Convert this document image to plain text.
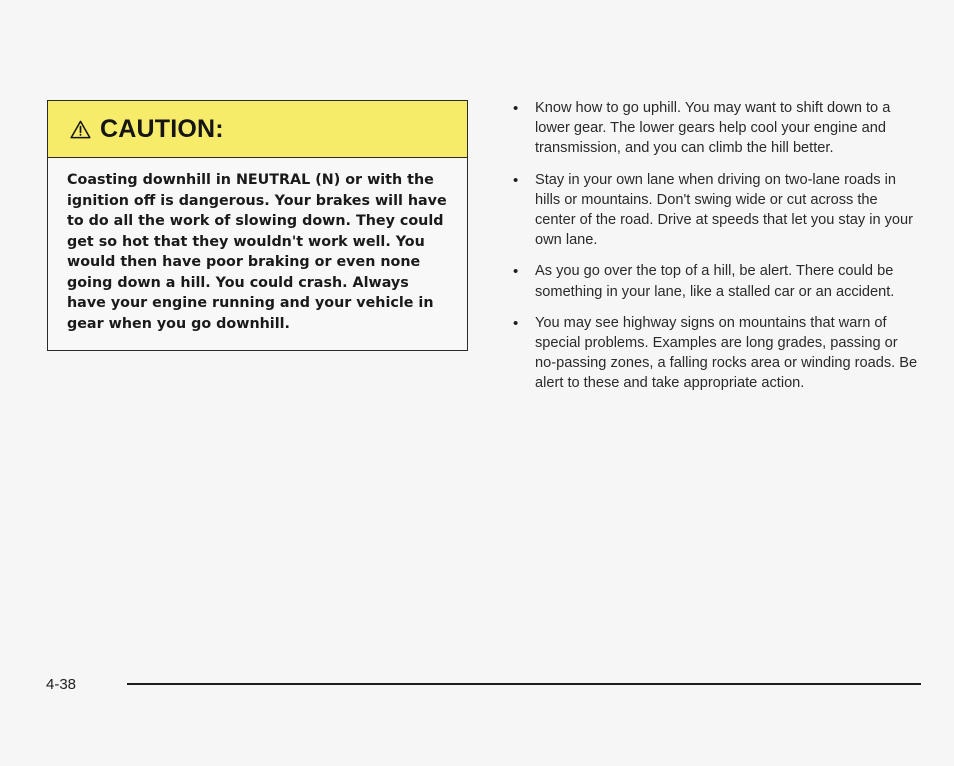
CAUTION:
Coasting downhill in NEUTRAL (N) or with the ignition off is dangerous. Your brakes will have to do all the work of slowing down. They could get so hot that they wouldn't work well. You would then have poor braking or even none going down a hill. You could crash. Always have your engine running and your vehicle in gear when you go downhill.
• Know how to go uphill. You may want to shift down to a lower gear. The lower gears help cool your engine and transmission, and you can climb the hill better.
• Stay in your own lane when driving on two-lane roads in hills or mountains. Don't swing wide or cut across the center of the road. Drive at speeds that let you stay in your own lane.
• As you go over the top of a hill, be alert. There could be something in your lane, like a stalled car or an accident.
• You may see highway signs on mountains that warn of special problems. Examples are long grades, passing or no-passing zones, a falling rocks area or winding roads. Be alert to these and take appropriate action.
4-38
